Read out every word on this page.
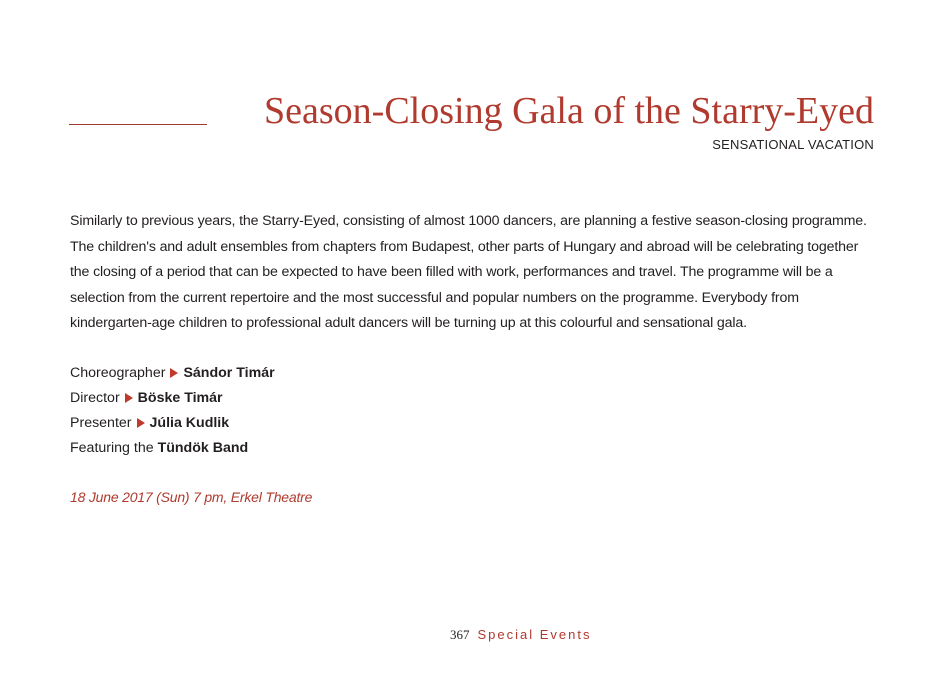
Season-Closing Gala of the Starry-Eyed
SENSATIONAL VACATION

Similarly to previous years, the Starry-Eyed, consisting of almost 1000 dancers, are planning a festive season-closing programme. The children's and adult ensembles from chapters from Budapest, other parts of Hungary and abroad will be celebrating together the closing of a period that can be expected to have been filled with work, performances and travel. The programme will be a selection from the current repertoire and the most successful and popular numbers on the programme. Everybody from kindergarten-age children to professional adult dancers will be turning up at this colourful and sensational gala.

Choreographer Sándor Timár
Director Böske Timár
Presenter Júlia Kudlik
Featuring the Tündök Band
18 June 2017 (Sun) 7 pm, Erkel Theatre
367 Special Events
